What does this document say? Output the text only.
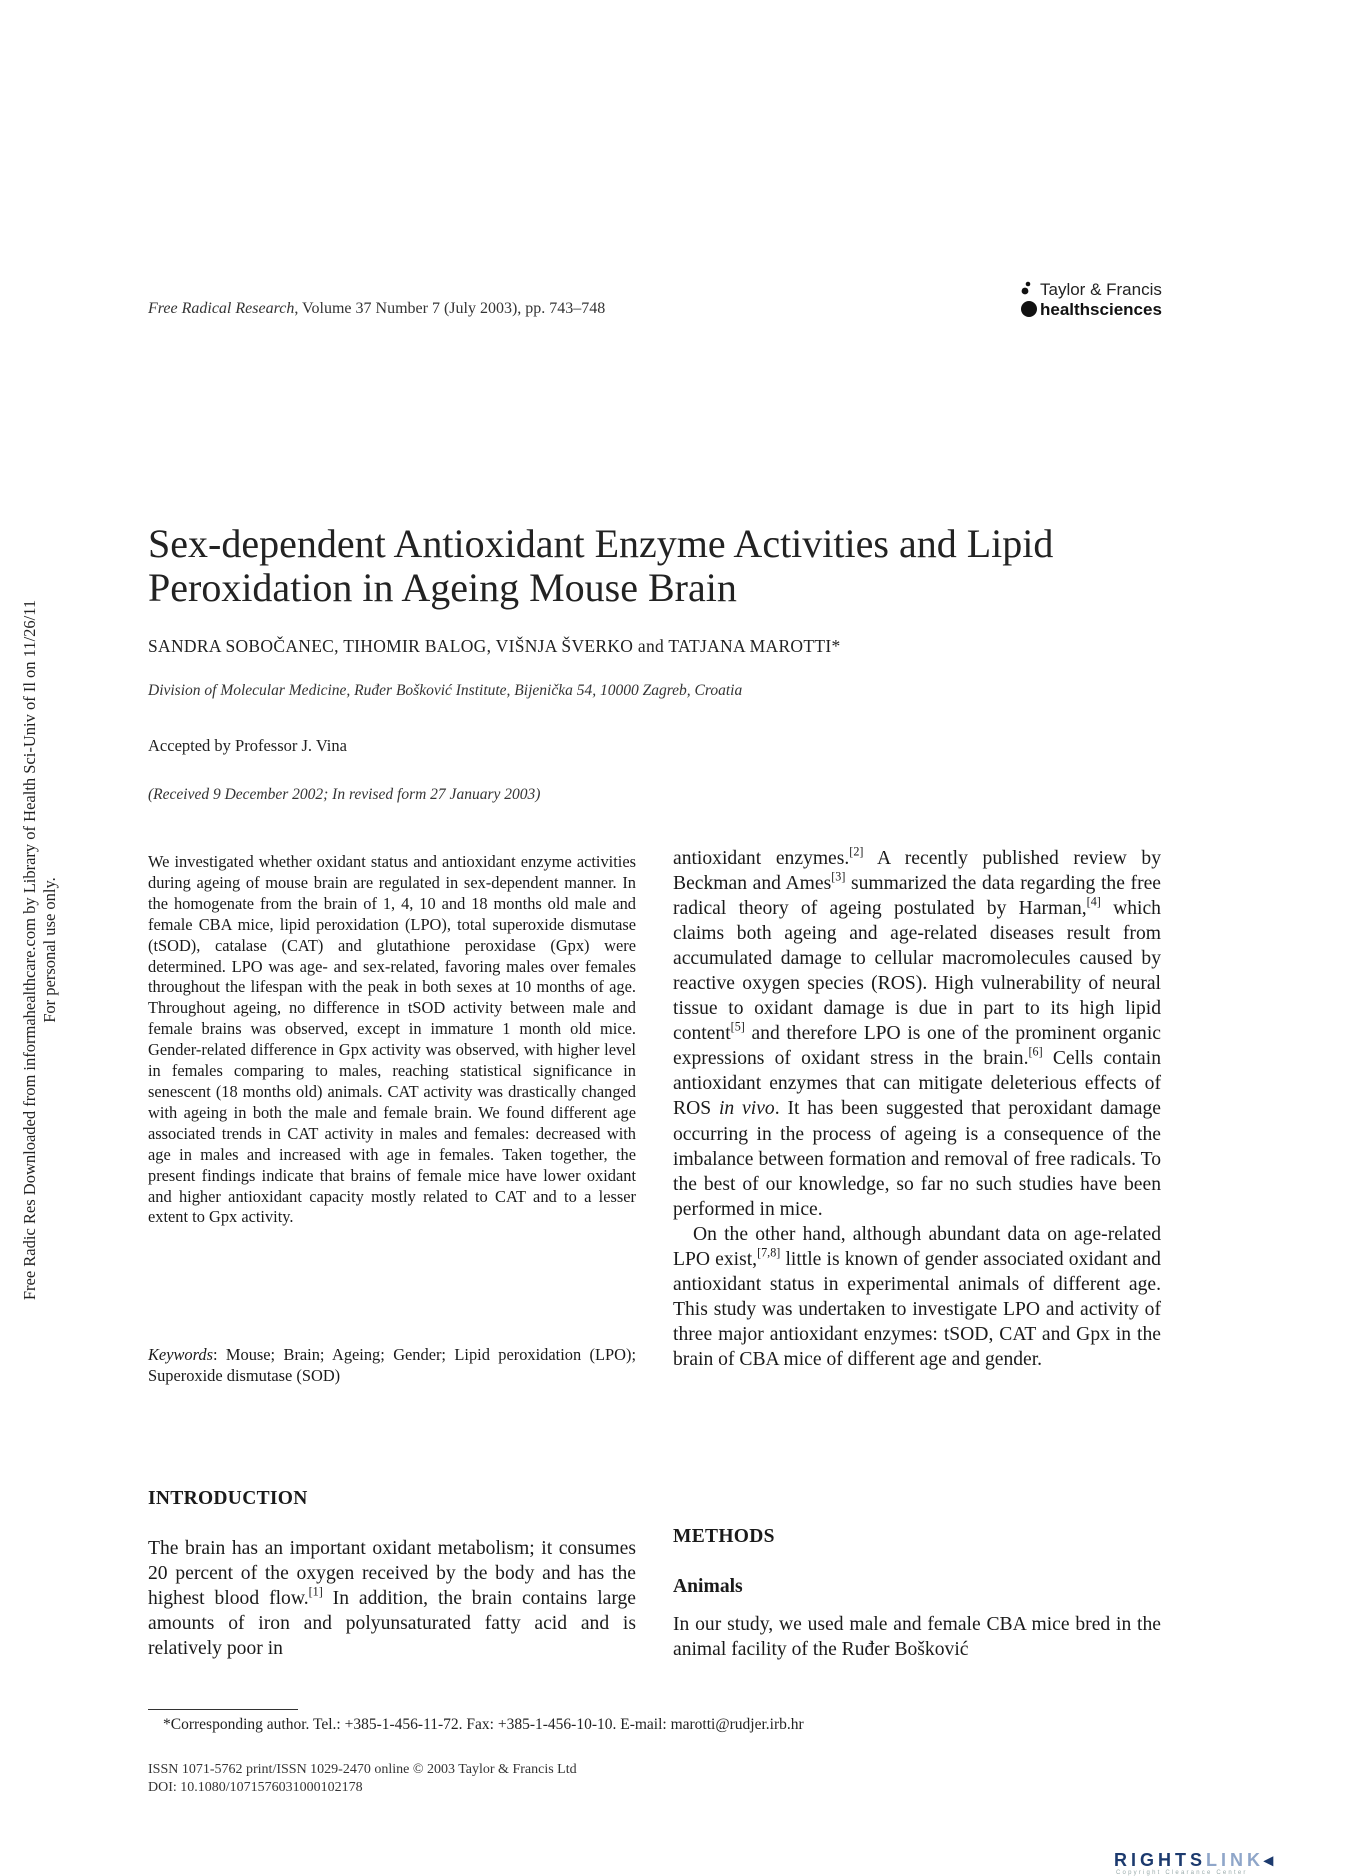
Free Radic Res Downloaded from informahealthcare.com by Library of Health Sci-Univ of Il on 11/26/11 For personal use only.
Free Radical Research, Volume 37 Number 7 (July 2003), pp. 743–748
Taylor & Francis
healthsciences
Sex-dependent Antioxidant Enzyme Activities and Lipid Peroxidation in Ageing Mouse Brain
SANDRA SOBOČANEC, TIHOMIR BALOG, VIŠNJA ŠVERKO and TATJANA MAROTTI*
Division of Molecular Medicine, Ruđer Bošković Institute, Bijenička 54, 10000 Zagreb, Croatia
Accepted by Professor J. Vina
(Received 9 December 2002; In revised form 27 January 2003)
We investigated whether oxidant status and antioxidant enzyme activities during ageing of mouse brain are regulated in sex-dependent manner. In the homogenate from the brain of 1, 4, 10 and 18 months old male and female CBA mice, lipid peroxidation (LPO), total superoxide dismutase (tSOD), catalase (CAT) and glutathione peroxidase (Gpx) were determined. LPO was age- and sex-related, favoring males over females throughout the lifespan with the peak in both sexes at 10 months of age. Throughout ageing, no difference in tSOD activity between male and female brains was observed, except in immature 1 month old mice. Gender-related difference in Gpx activity was observed, with higher level in females comparing to males, reaching statistical significance in senescent (18 months old) animals. CAT activity was drastically changed with ageing in both the male and female brain. We found different age associated trends in CAT activity in males and females: decreased with age in males and increased with age in females. Taken together, the present findings indicate that brains of female mice have lower oxidant and higher antioxidant capacity mostly related to CAT and to a lesser extent to Gpx activity.
Keywords: Mouse; Brain; Ageing; Gender; Lipid peroxidation (LPO); Superoxide dismutase (SOD)
INTRODUCTION
The brain has an important oxidant metabolism; it consumes 20 percent of the oxygen received by the body and has the highest blood flow.[1] In addition, the brain contains large amounts of iron and polyunsaturated fatty acid and is relatively poor in

antioxidant enzymes.[2] A recently published review by Beckman and Ames[3] summarized the data regarding the free radical theory of ageing postulated by Harman,[4] which claims both ageing and age-related diseases result from accumulated damage to cellular macromolecules caused by reactive oxygen species (ROS). High vulnerability of neural tissue to oxidant damage is due in part to its high lipid content[5] and therefore LPO is one of the prominent organic expressions of oxidant stress in the brain.[6] Cells contain antioxidant enzymes that can mitigate deleterious effects of ROS in vivo. It has been suggested that peroxidant damage occurring in the process of ageing is a consequence of the imbalance between formation and removal of free radicals. To the best of our knowledge, so far no such studies have been performed in mice.

On the other hand, although abundant data on age-related LPO exist,[7,8] little is known of gender associated oxidant and antioxidant status in experimental animals of different age. This study was undertaken to investigate LPO and activity of three major antioxidant enzymes: tSOD, CAT and Gpx in the brain of CBA mice of different age and gender.

METHODS
Animals
In our study, we used male and female CBA mice bred in the animal facility of the Ruđer Bošković
*Corresponding author. Tel.: +385-1-456-11-72. Fax: +385-1-456-10-10. E-mail: marotti@rudjer.irb.hr
ISSN 1071-5762 print/ISSN 1029-2470 online © 2003 Taylor & Francis Ltd
DOI: 10.1080/1071576031000102178
RIGHTSLINK◂
Copyright Clearance Center
